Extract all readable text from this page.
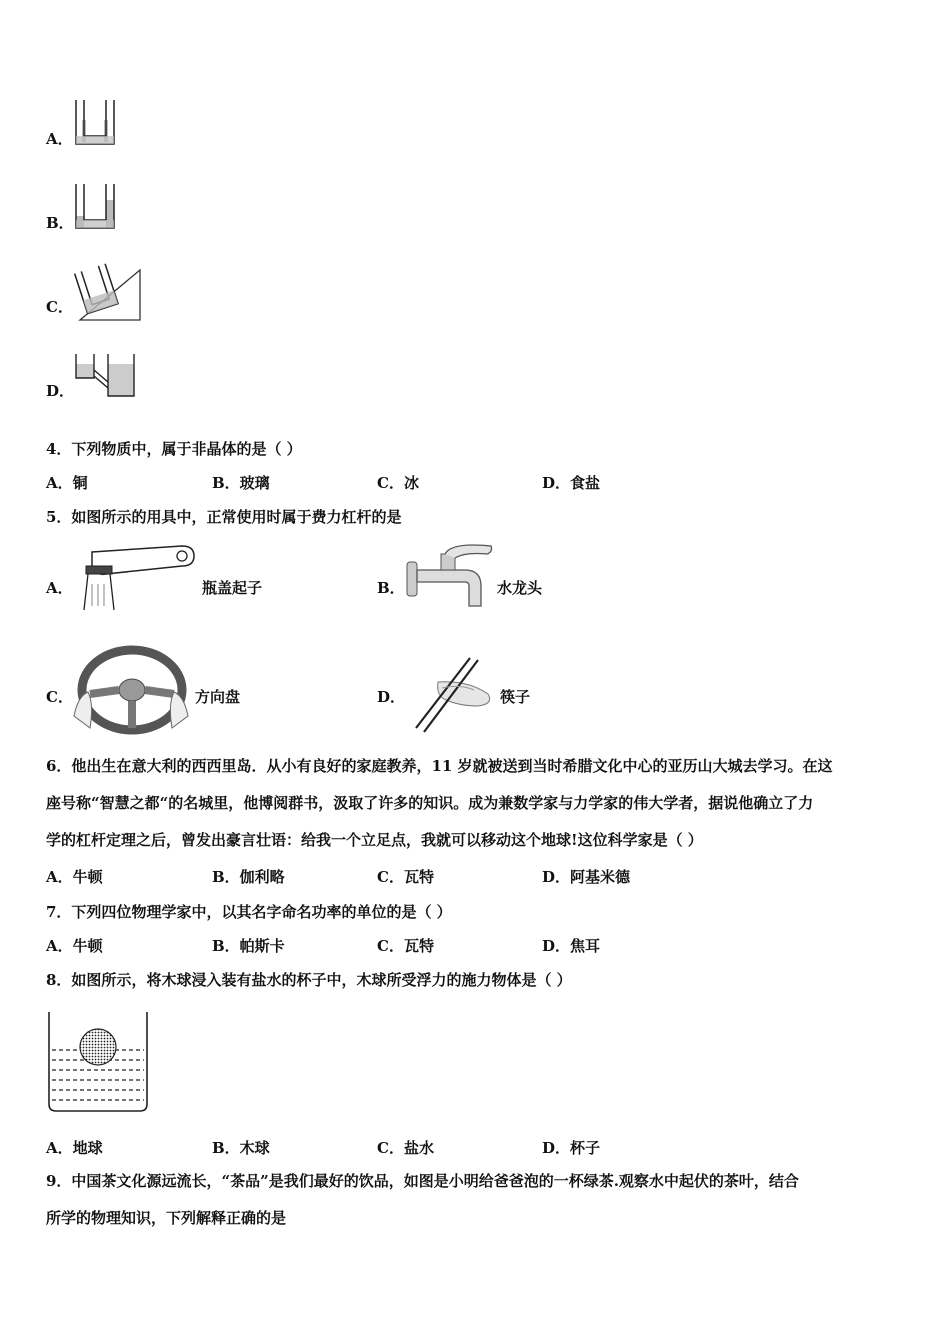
A．
B．
C．
D．
4．下列物质中，属于非晶体的是（ ）
A．铜	B．玻璃	C．冰	D．食盐
5．如图所示的用具中，正常使用时属于费力杠杆的是
A．	瓶盖起子	B．	水龙头
C．	方向盘	D．	筷子
6．他出生在意大利的西西里岛．从小有良好的家庭教养，11 岁就被送到当时希腊文化中心的亚历山大城去学习。在这
座号称“智慧之都“的名城里，他博阅群书，汲取了许多的知识。成为兼数学家与力学家的伟大学者，据说他确立了力
学的杠杆定理之后，曾发出豪言壮语：给我一个立足点，我就可以移动这个地球!这位科学家是（ ）
A．牛顿	B．伽利略	C．瓦特	D．阿基米德
7．下列四位物理学家中，以其名字命名功率的单位的是（ ）
A．牛顿	B．帕斯卡	C．瓦特	D．焦耳
8．如图所示，将木球浸入装有盐水的杯子中，木球所受浮力的施力物体是（ ）
A．地球	B．木球	C．盐水	D．杯子
9．中国茶文化源远流长，“茶品”是我们最好的饮品，如图是小明给爸爸泡的一杯绿茶.观察水中起伏的茶叶，结合
所学的物理知识，下列解释正确的是
